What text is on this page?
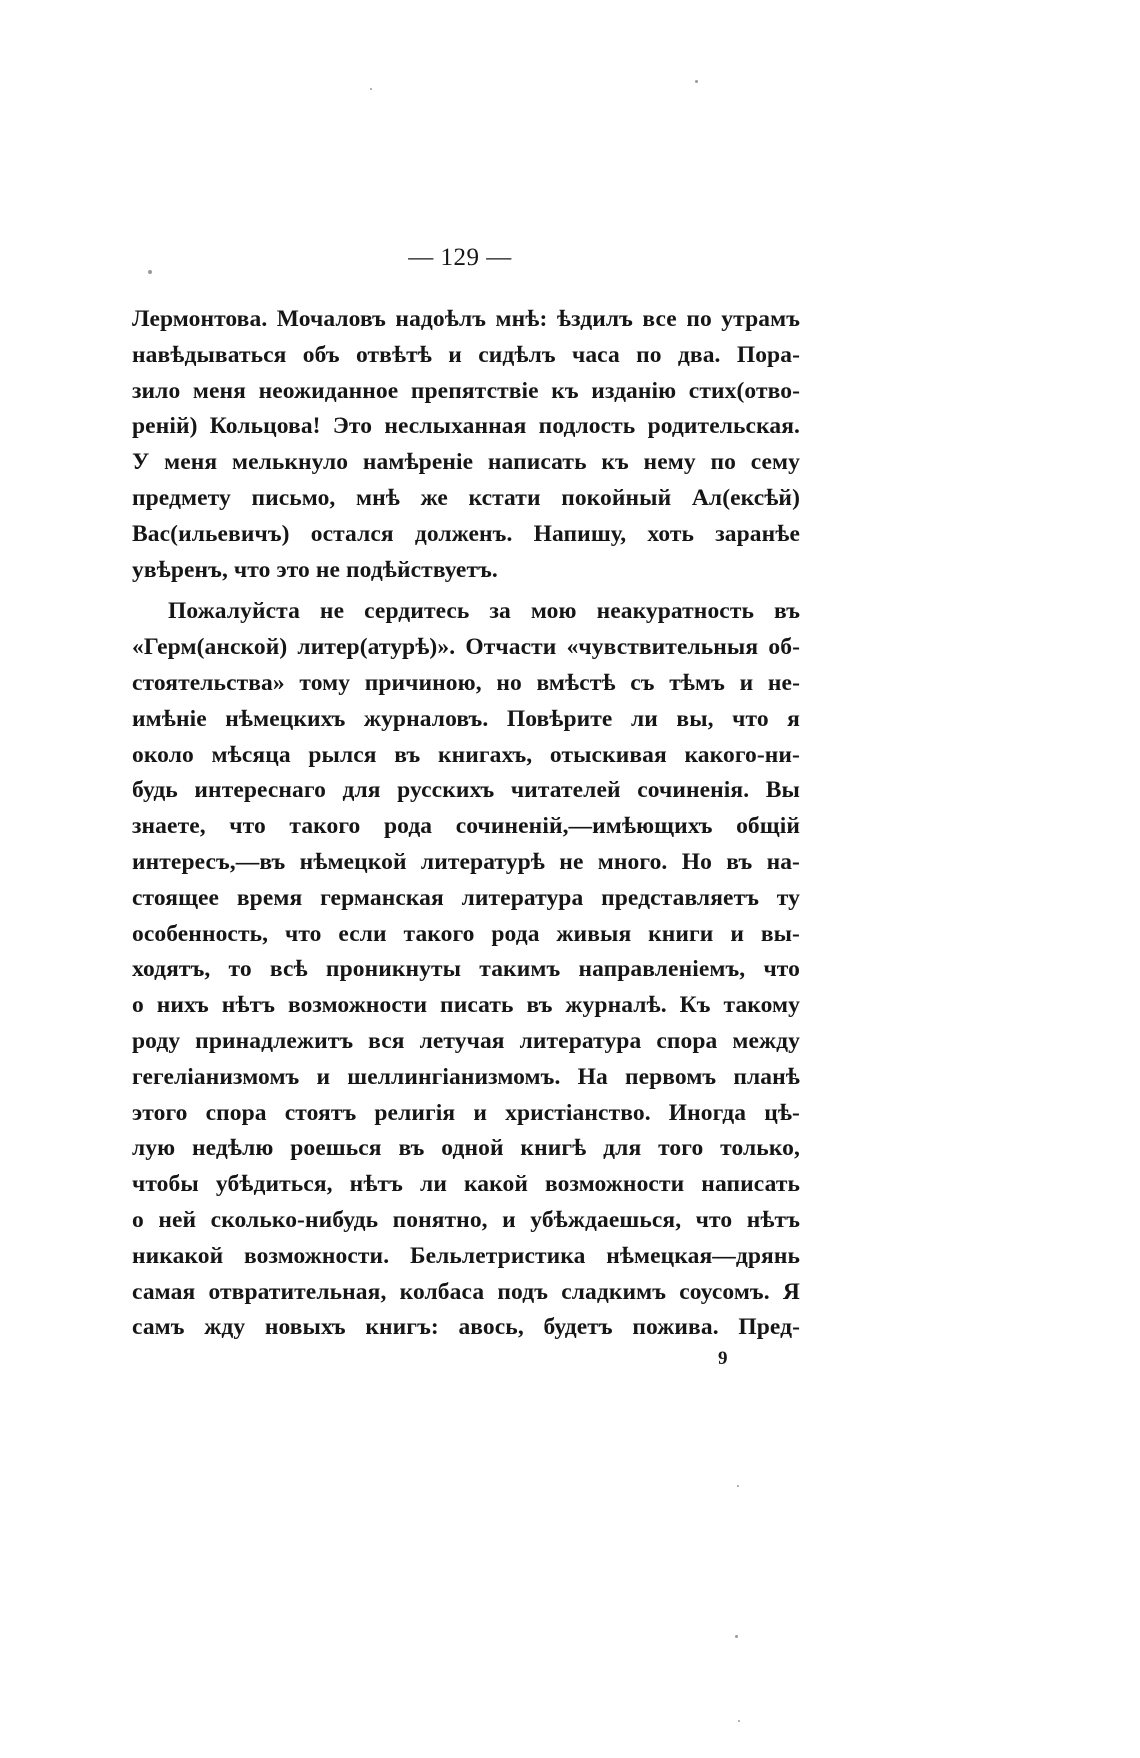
— 129 —
Лермонтова. Мочаловъ надоѣлъ мнѣ: ѣздилъ все по утрамъ
навѣдываться объ отвѣтѣ и сидѣлъ часа по два. Пора-
зило меня неожиданное препятствіе къ изданію стих(отво-
реній) Кольцова! Это неслыханная подлость родительская.
У меня мелькнуло намѣреніе написать къ нему по сему
предмету письмо, мнѣ же кстати покойный Ал(ексѣй)
Вас(ильевичъ) остался долженъ. Напишу, хоть заранѣе
увѣренъ, что это не подѣйствуетъ.
Пожалуйста не сердитесь за мою неакуратность въ
«Герм(анской) литер(атурѣ)». Отчасти «чувствительныя об-
стоятельства» тому причиною, но вмѣстѣ съ тѣмъ и не-
имѣніе нѣмецкихъ журналовъ. Повѣрите ли вы, что я
около мѣсяца рылся въ книгахъ, отыскивая какого-ни-
будь интереснаго для русскихъ читателей сочиненія. Вы
знаете, что такого рода сочиненій,—имѣющихъ общій
интересъ,—въ нѣмецкой литературѣ не много. Но въ на-
стоящее время германская литература представляетъ ту
особенность, что если такого рода живыя книги и вы-
ходятъ, то всѣ проникнуты такимъ направленіемъ, что
о нихъ нѣтъ возможности писать въ журналѣ. Къ такому
роду принадлежитъ вся летучая литература спора между
гегеліанизмомъ и шеллингіанизмомъ. На первомъ планѣ
этого спора стоятъ религія и христіанство. Иногда цѣ-
лую недѣлю роешься въ одной книгѣ для того только,
чтобы убѣдиться, нѣтъ ли какой возможности написать
о ней сколько-нибудь понятно, и убѣждаешься, что нѣтъ
никакой возможности. Бельлетристика нѣмецкая—дрянь
самая отвратительная, колбаса подъ сладкимъ соусомъ. Я
самъ жду новыхъ книгъ: авось, будетъ пожива. Пред-
9
